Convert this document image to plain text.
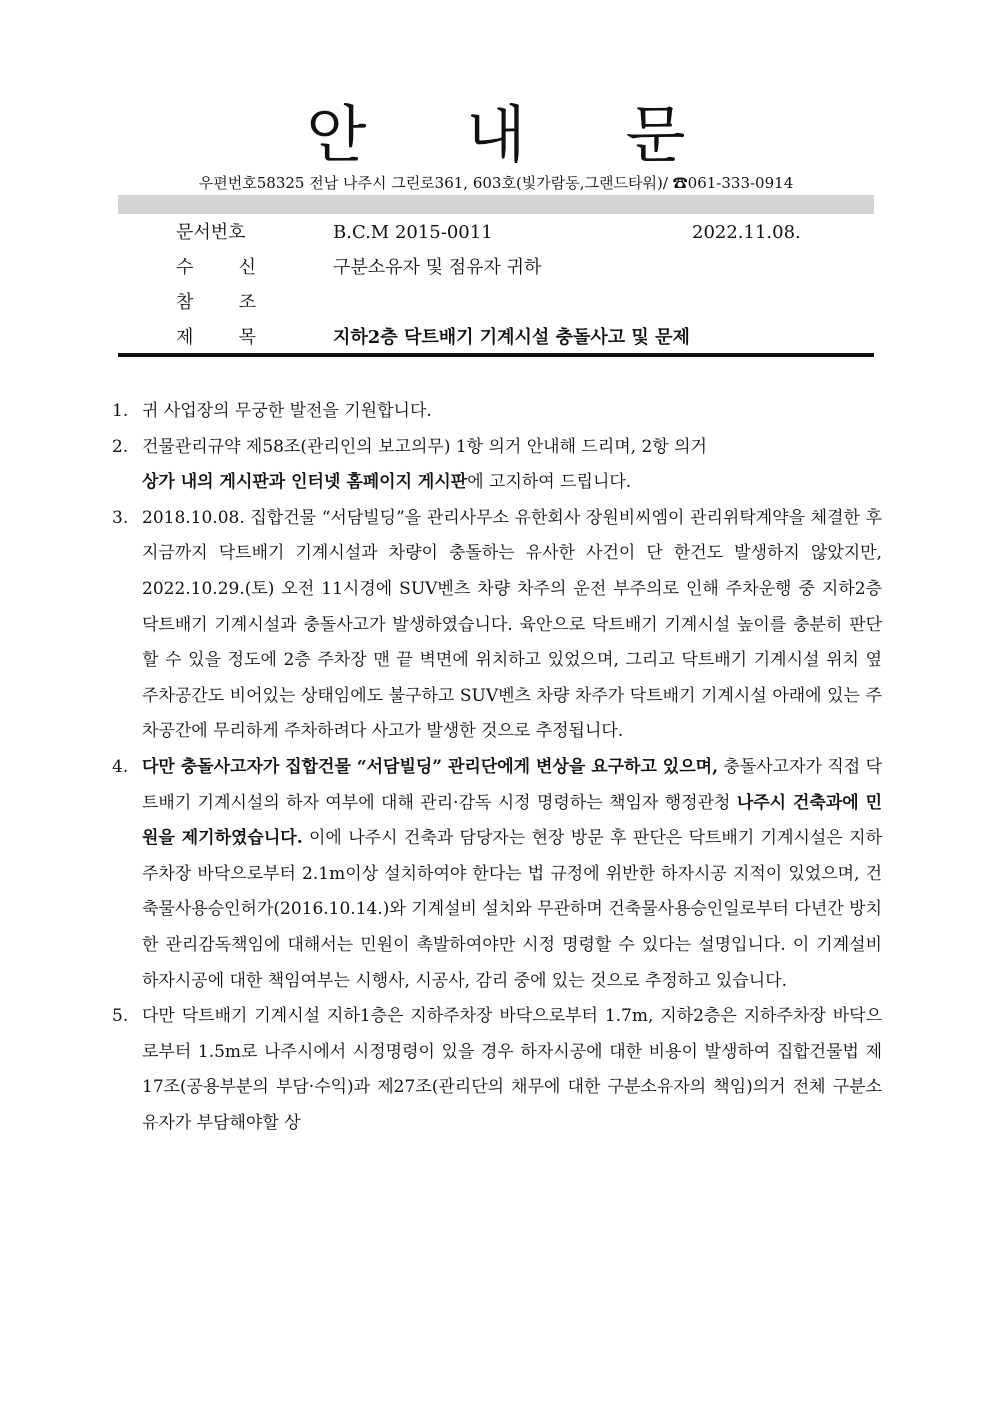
안 내 문
우편번호58325 전남 나주시 그린로361, 603호(빛가람동,그랜드타워)/ ☎061-333-0914
문서번호	B.C.M 2015-0011	2022.11.08.
수	신	구분소유자 및 점유자 귀하
참	조
제	목	지하2층 닥트배기 기계시설 충돌사고 및 문제
1. 귀 사업장의 무궁한 발전을 기원합니다.
2. 건물관리규약 제58조(관리인의 보고의무) 1항 의거 안내해 드리며, 2항 의거
상가 내의 게시판과 인터넷 홈페이지 게시판에 고지하여 드립니다.
3. 2018.10.08. 집합건물 “서담빌딩”을 관리사무소 유한회사 장원비씨엠이 관리위탁계약을 체결한 후 지금까지 닥트배기 기계시설과 차량이 충돌하는 유사한 사건이 단 한건도 발생하지 않았지만, 2022.10.29.(토) 오전 11시경에 SUV벤츠 차량 차주의 운전 부주의로 인해 주차운행 중 지하2층 닥트배기 기계시설과 충돌사고가 발생하였습니다. 육안으로 닥트배기 기계시설 높이를 충분히 판단할 수 있을 정도에 2층 주차장 맨 끝 벽면에 위치하고 있었으며, 그리고 닥트배기 기계시설 위치 옆 주차공간도 비어있는 상태임에도 불구하고 SUV벤츠 차량 차주가 닥트배기 기계시설 아래에 있는 주차공간에 무리하게 주차하려다 사고가 발생한 것으로 추정됩니다.
4. 다만 충돌사고자가 집합건물 “서담빌딩” 관리단에게 변상을 요구하고 있으며, 충돌사고자가 직접 닥트배기 기계시설의 하자 여부에 대해 관리·감독 시정 명령하는 책임자 행정관청 나주시 건축과에 민원을 제기하였습니다. 이에 나주시 건축과 담당자는 현장 방문 후 판단은 닥트배기 기계시설은 지하주차장 바닥으로부터 2.1m이상 설치하여야 한다는 법 규정에 위반한 하자시공 지적이 있었으며, 건축물사용승인허가(2016.10.14.)와 기계설비 설치와 무관하며 건축물사용승인일로부터 다년간 방치한 관리감독책임에 대해서는 민원이 촉발하여야만 시정 명령할 수 있다는 설명입니다. 이 기계설비 하자시공에 대한 책임여부는 시행사, 시공사, 감리 중에 있는 것으로 추정하고 있습니다.
5. 다만 닥트배기 기계시설 지하1층은 지하주차장 바닥으로부터 1.7m, 지하2층은 지하주차장 바닥으로부터 1.5m로 나주시에서 시정명령이 있을 경우 하자시공에 대한 비용이 발생하여 집합건물법 제17조(공용부분의 부담·수익)과 제27조(관리단의 채무에 대한 구분소유자의 책임)의거 전체 구분소유자가 부담해야할 상
